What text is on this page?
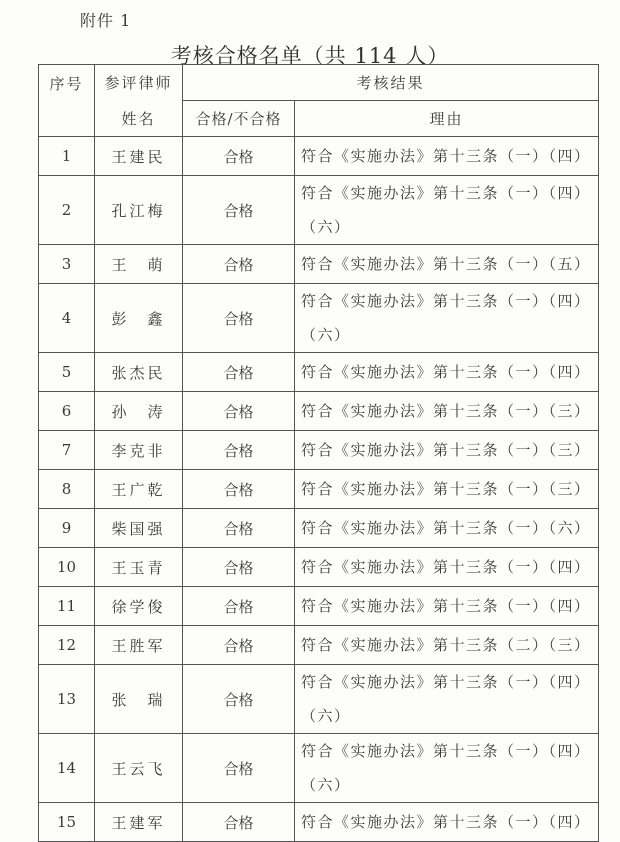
附件 1
考核合格名单（共 114 人）
序号	参评律师	考核结果	
	姓名	合格/不合格	理由
1	王建民	合格	符合《实施办法》第十三条（一）（四）
2	孔江梅	合格	符合《实施办法》第十三条（一）（四）（六）
3	王　萌	合格	符合《实施办法》第十三条（一）（五）
4	彭　鑫	合格	符合《实施办法》第十三条（一）（四）（六）
5	张杰民	合格	符合《实施办法》第十三条（一）（四）
6	孙　涛	合格	符合《实施办法》第十三条（一）（三）
7	李克非	合格	符合《实施办法》第十三条（一）（三）
8	王广乾	合格	符合《实施办法》第十三条（一）（三）
9	柴国强	合格	符合《实施办法》第十三条（一）（六）
10	王玉青	合格	符合《实施办法》第十三条（一）（四）
11	徐学俊	合格	符合《实施办法》第十三条（一）（四）
12	王胜军	合格	符合《实施办法》第十三条（二）（三）
13	张　瑞	合格	符合《实施办法》第十三条（一）（四）（六）
14	王云飞	合格	符合《实施办法》第十三条（一）（四）（六）
15	王建军	合格	符合《实施办法》第十三条（一）（四）
